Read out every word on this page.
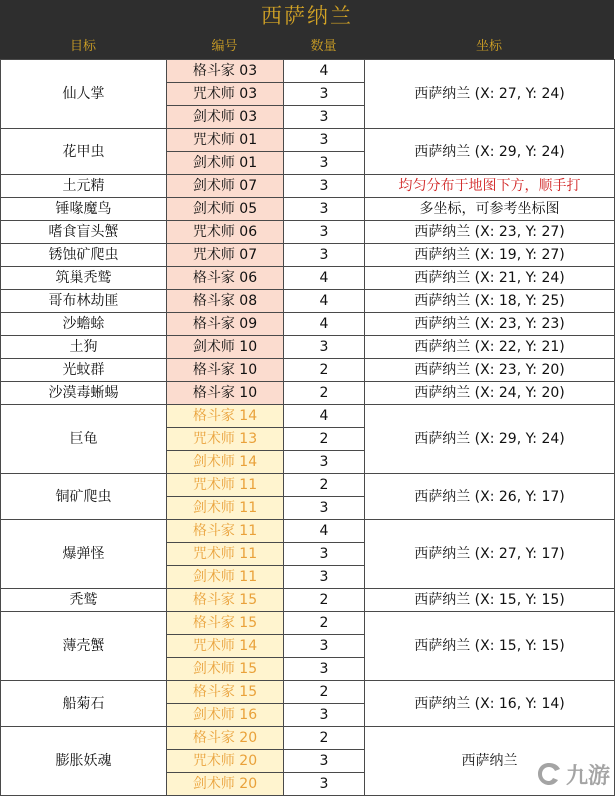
西萨纳兰
目标	编号	数量	坐标
仙人掌	格斗家 03	4	西萨纳兰 (X: 27, Y: 24)
	咒术师 03	3	
	剑术师 03	3	
花甲虫	咒术师 01	3	西萨纳兰 (X: 29, Y: 24)
	剑术师 01	3	
土元精	剑术师 07	3	均匀分布于地图下方，顺手打
锤喙魔鸟	剑术师 05	3	多坐标，可参考坐标图
嗜食盲头蟹	咒术师 06	3	西萨纳兰 (X: 23, Y: 27)
锈蚀矿爬虫	咒术师 07	3	西萨纳兰 (X: 19, Y: 27)
筑巢秃鹫	格斗家 06	4	西萨纳兰 (X: 21, Y: 24)
哥布林劫匪	格斗家 08	4	西萨纳兰 (X: 18, Y: 25)
沙蟾蜍	格斗家 09	4	西萨纳兰 (X: 23, Y: 23)
土狗	剑术师 10	3	西萨纳兰 (X: 22, Y: 21)
光蚊群	格斗家 10	2	西萨纳兰 (X: 23, Y: 20)
沙漠毒蜥蜴	格斗家 10	2	西萨纳兰 (X: 24, Y: 20)
巨龟	格斗家 14	4	西萨纳兰 (X: 29, Y: 24)
	咒术师 13	2	
	剑术师 14	3	
铜矿爬虫	咒术师 11	2	西萨纳兰 (X: 26, Y: 17)
	剑术师 11	3	
爆弹怪	格斗家 11	4	西萨纳兰 (X: 27, Y: 17)
	咒术师 11	3	
	剑术师 11	3	
秃鹫	格斗家 15	2	西萨纳兰 (X: 15, Y: 15)
薄壳蟹	格斗家 15	2	西萨纳兰 (X: 15, Y: 15)
	咒术师 14	3	
	剑术师 15	3	
船菊石	格斗家 15	2	西萨纳兰 (X: 16, Y: 14)
	剑术师 16	3	
膨胀妖魂	格斗家 20	2	西萨纳兰
	咒术师 20	3	
	剑术师 20	3		九游
